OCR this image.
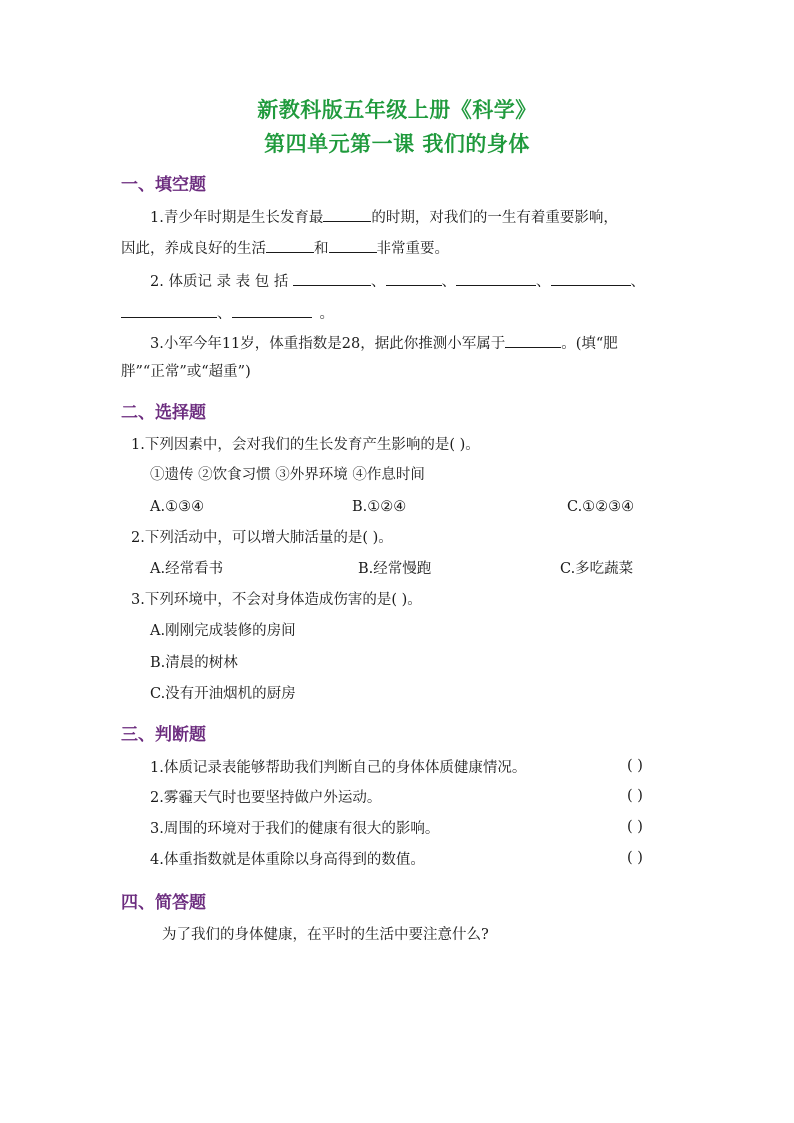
新教科版五年级上册《科学》
第四单元第一课 我们的身体
一、填空题
1.青少年时期是生长发育最	的时期，对我们的一生有着重要影响，
因此，养成良好的生活	和	非常重要。
2. 体质记 录 表 包 括	、	、	、	、
、	。
3.小军今年11岁，体重指数是28，据此你推测小军属于	。(填“肥
胖”“正常”或“超重”)
二、选择题
1.下列因素中，会对我们的生长发育产生影响的是( )。
①遗传 ②饮食习惯 ③外界环境 ④作息时间
A.①③④	B.①②④	C.①②③④
2.下列活动中，可以增大肺活量的是( )。
A.经常看书	B.经常慢跑	C.多吃蔬菜
3.下列环境中，不会对身体造成伤害的是( )。
A.刚刚完成装修的房间
B.清晨的树林
C.没有开油烟机的厨房
三、判断题
1.体质记录表能够帮助我们判断自己的身体体质健康情况。	( )
2.雾霾天气时也要坚持做户外运动。	( )
3.周围的环境对于我们的健康有很大的影响。	( )
4.体重指数就是体重除以身高得到的数值。	( )
四、简答题
为了我们的身体健康，在平时的生活中要注意什么?
